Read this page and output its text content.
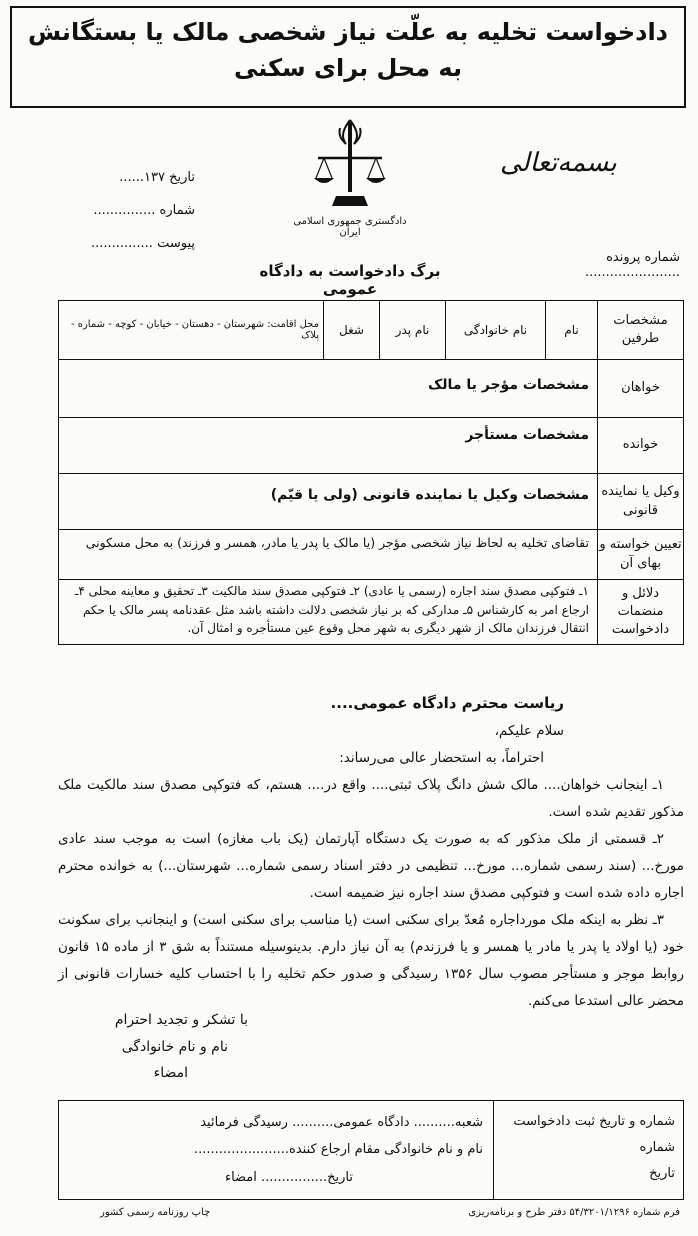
دادخواست تخلیه به علّت نیاز شخصی مالک یا بستگانش
به محل برای سکنی
بسمه‌تعالی
تاریخ ۱۳۷......
شماره ...............
پیوست ...............
دادگستری جمهوری اسلامی ایران
شماره پرونده .......................
برگ دادخواست به دادگاه عمومی
مشخصات طرفین
نام
نام خانوادگی
نام پدر
شغل
محل اقامت: شهرستان - دهستان - خیابان - کوچه - شماره - پلاک
خواهان
مشخصات مؤجر یا مالک
خوانده
مشخصات مستأجر
وکیل یا نماینده قانونی
مشخصات وکیل یا نماینده قانونی (ولی یا قیّم)
تعیین خواسته و بهای آن
تقاضای تخلیه به لحاظ نیاز شخصی مؤجر (یا مالک یا پدر یا مادر، همسر و فرزند) به محل مسکونی
دلائل و منضمات دادخواست
۱ـ فتوکپی مصدق سند اجاره (رسمی یا عادی) ۲ـ فتوکپی مصدق سند مالکیت ۳ـ تحقیق و معاینه محلی ۴ـ ارجاع امر به کارشناس ۵ـ مدارکی که بر نیاز شخصی دلالت داشته باشد مثل عقدنامه پسر مالک یا حکم انتقال فرزندان مالک از شهر دیگری به شهر محل وقوع عین مستأجره و امثال آن.
ریاست محترم دادگاه عمومی....
سلام علیکم،
احتراماً، به استحضار عالی می‌رساند:
۱ـ اینجانب خواهان.... مالک شش دانگ پلاک ثبتی.... واقع در.... هستم، که فتوکپی مصدق سند مالکیت ملک مذکور تقدیم شده است.
۲ـ قسمتی از ملک مذکور که به صورت یک دستگاه آپارتمان (یک باب مغازه) است به موجب سند عادی مورخ... (سند رسمی شماره... مورخ... تنظیمی در دفتر اسناد رسمی شماره... شهرستان...) به خوانده محترم اجاره داده شده است و فتوکپی مصدق سند اجاره نیز ضمیمه است.
۳ـ نظر به اینکه ملک مورداجاره مُعدّ برای سکنی است (یا مناسب برای سکنی است) و اینجانب برای سکونت خود (یا اولاد یا پدر یا مادر یا همسر و یا فرزندم) به آن نیاز دارم. بدینوسیله مستنداً به شق ۳ از ماده ۱۵ قانون روابط موجر و مستأجر مصوب سال ۱۳۵۶ رسیدگی و صدور حکم تخلیه را با احتساب کلیه خسارات قانونی از محضر عالی استدعا می‌کنم.
با تشکر و تجدید احترام
نام و نام خانوادگی
امضاء
شماره و تاریخ ثبت دادخواست
شماره
تاریخ
شعبه.......... دادگاه عمومی.......... رسیدگی فرمائید
نام و نام خانوادگی مقام ارجاع کننده.......................
تاریخ................ امضاء
چاپ روزنامه رسمی کشور	فرم شماره ۵۴/۳۲۰۱/۱۲۹۶ دفتر طرح و برنامه‌ریزی
